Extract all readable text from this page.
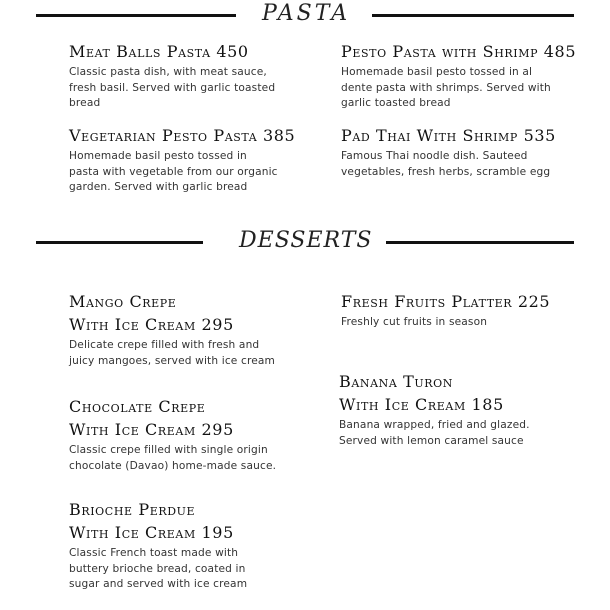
PASTA
Meat Balls Pasta 450
Classic pasta dish, with meat sauce,
fresh basil. Served with garlic toasted
bread
Pesto Pasta with Shrimp 485
Homemade basil pesto tossed in al
dente pasta with shrimps. Served with
garlic toasted bread
Vegetarian Pesto Pasta 385
Homemade basil pesto tossed in
pasta with vegetable from our organic
garden. Served with garlic bread
Pad Thai With Shrimp 535
Famous Thai noodle dish. Sauteed
vegetables, fresh herbs, scramble egg
DESSERTS
Mango Crepe
With Ice Cream 295
Delicate crepe filled with fresh and
juicy mangoes, served with ice cream
Fresh Fruits Platter 225
Freshly cut fruits in season
Banana Turon
With Ice Cream 185
Banana wrapped, fried and glazed.
Served with lemon caramel sauce
Chocolate Crepe
With Ice Cream 295
Classic crepe filled with single origin
chocolate (Davao) home-made sauce.
Brioche Perdue
With Ice Cream 195
Classic French toast made with
buttery brioche bread, coated in
sugar and served with ice cream
